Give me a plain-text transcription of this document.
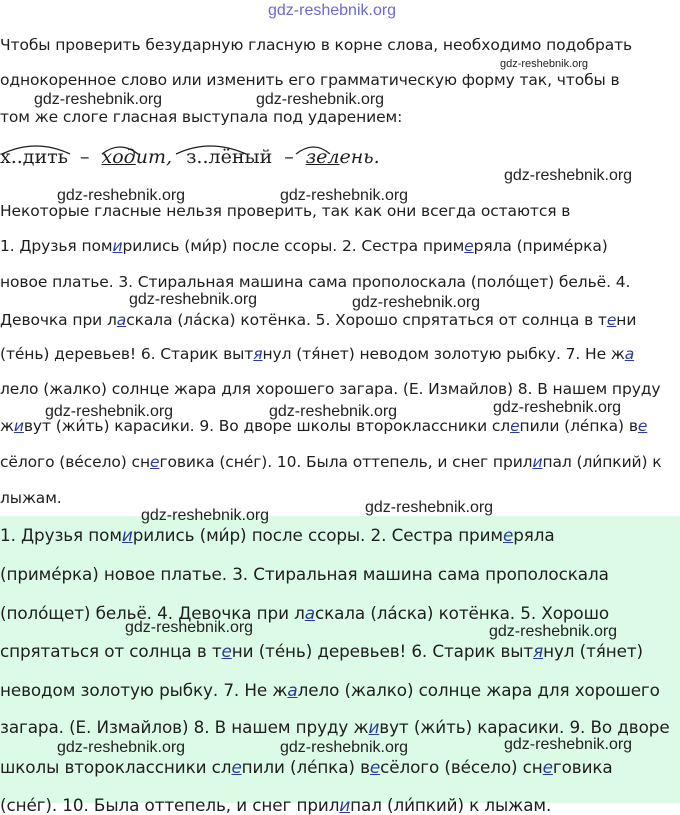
gdz-reshebnik.org
Чтобы проверить безударную гласную в корне слова, необходимо подобрать
однокоренное слово или изменить его грамматическую форму так, чтобы в
том же слоге гласная выступала под ударением:
gdz-reshebnik.org
gdz-reshebnik.org	gdz-reshebnik.org
х..дить – ходит, з..лёный – зелень.
gdz-reshebnik.org
gdz-reshebnik.org	gdz-reshebnik.org
Некоторые гласные нельзя проверить, так как они всегда остаются в
1. Друзья помирились (ми́р) после ссоры. 2. Сестра примеряла (приме́рка)
новое платье. 3. Стиральная машина сама прополоскала (поло́щет) бельё. 4.
Девочка при ласкала (ла́ска) котёнка. 5. Хорошо спрятаться от солнца в тени
(те́нь) деревьев! 6. Старик вытянул (тя́нет) неводом золотую рыбку. 7. Не жа
лело (жалко) солнце жара для хорошего загара. (Е. Измайлов) 8. В нашем пруду
живут (жи́ть) карасики. 9. Во дворе школы второклассники слепили (ле́пка) ве
сёлого (ве́село) снеговика (сне́г). 10. Была оттепель, и снег прилипал (ли́пкий) к
лыжам.
gdz-reshebnik.org	gdz-reshebnik.org
gdz-reshebnik.org
gdz-reshebnik.org	gdz-reshebnik.org
gdz-reshebnik.org
gdz-reshebnik.org
1. Друзья помирились (ми́р) после ссоры. 2. Сестра примеряла
(приме́рка) новое платье. 3. Стиральная машина сама прополоскала
(поло́щет) бельё. 4. Девочка при ласкала (ла́ска) котёнка. 5. Хорошо
спрятаться от солнца в тени (те́нь) деревьев! 6. Старик вытянул (тя́нет)
неводом золотую рыбку. 7. Не жалело (жалко) солнце жара для хорошего
загара. (Е. Измайлов) 8. В нашем пруду живут (жи́ть) карасики. 9. Во дворе
школы второклассники слепили (ле́пка) весёлого (ве́село) снеговика
(сне́г). 10. Была оттепель, и снег прилипал (ли́пкий) к лыжам.
gdz-reshebnik.org	gdz-reshebnik.org
gdz-reshebnik.org
gdz-reshebnik.org	gdz-reshebnik.org
